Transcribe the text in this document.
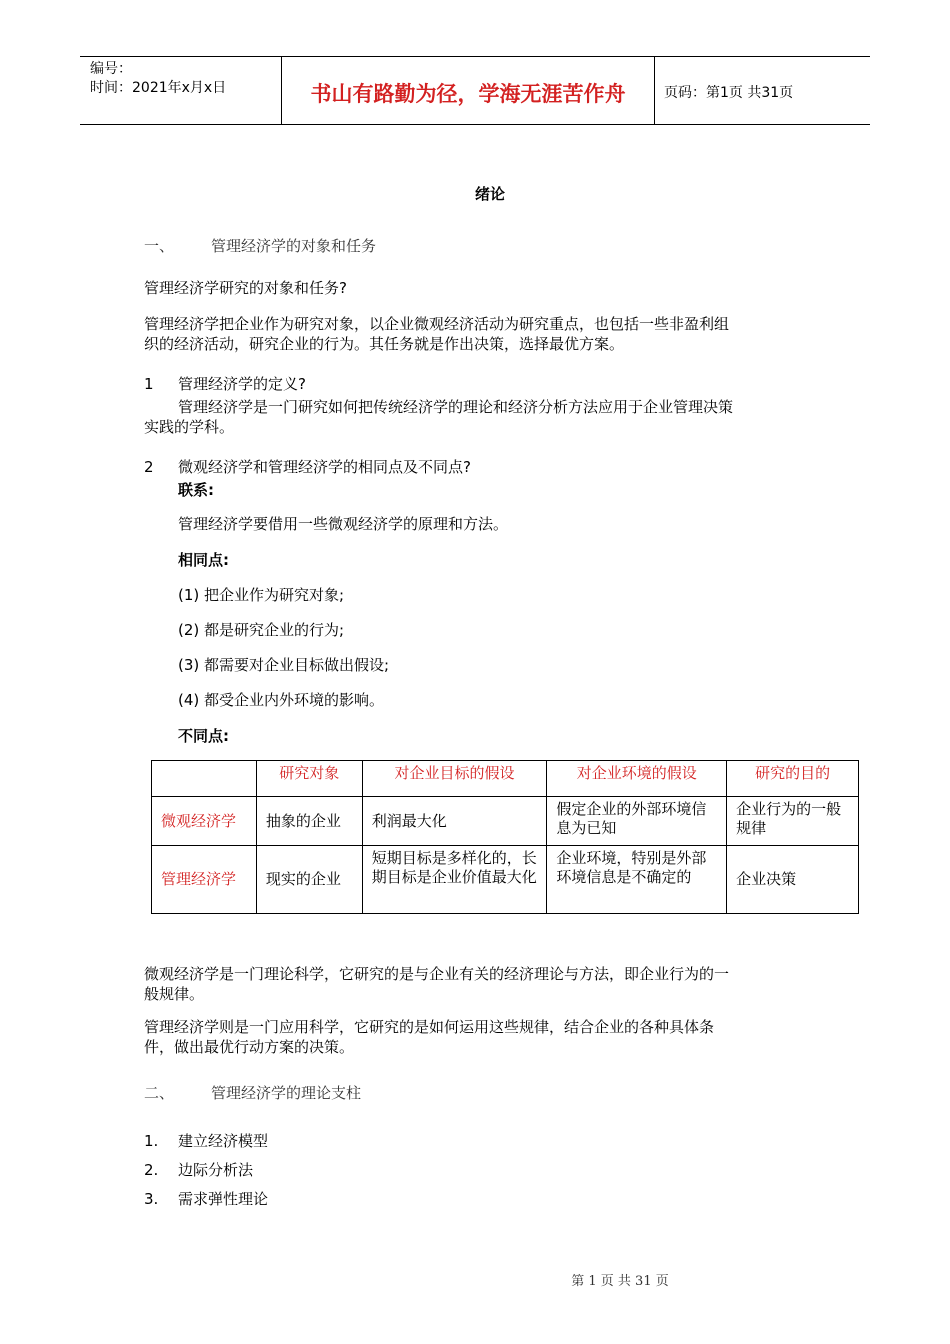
编号：
时间：2021年x月x日	书山有路勤为径，学海无涯苦作舟	页码：第1页 共31页
绪论
一、 管理经济学的对象和任务
管理经济学研究的对象和任务?
管理经济学把企业作为研究对象，以企业微观经济活动为研究重点，也包括一些非盈利组
织的经济活动，研究企业的行为。其任务就是作出决策，选择最优方案。
1 管理经济学的定义?
管理经济学是一门研究如何把传统经济学的理论和经济分析方法应用于企业管理决策
实践的学科。
2 微观经济学和管理经济学的相同点及不同点?
联系:
管理经济学要借用一些微观经济学的原理和方法。
相同点:
(1) 把企业作为研究对象;
(2) 都是研究企业的行为;
(3) 都需要对企业目标做出假设;
(4) 都受企业内外环境的影响。
不同点:
	研究对象	对企业目标的假设	对企业环境的假设	研究的目的
微观经济学	抽象的企业	利润最大化	假定企业的外部环境信息为已知	企业行为的一般规律
管理经济学	现实的企业	短期目标是多样化的，长期目标是企业价值最大化	企业环境，特别是外部环境信息是不确定的	企业决策
微观经济学是一门理论科学，它研究的是与企业有关的经济理论与方法，即企业行为的一
般规律。
管理经济学则是一门应用科学，它研究的是如何运用这些规律，结合企业的各种具体条
件，做出最优行动方案的决策。
二、 管理经济学的理论支柱
1. 建立经济模型
2. 边际分析法
3. 需求弹性理论
第 1 页 共 31 页
